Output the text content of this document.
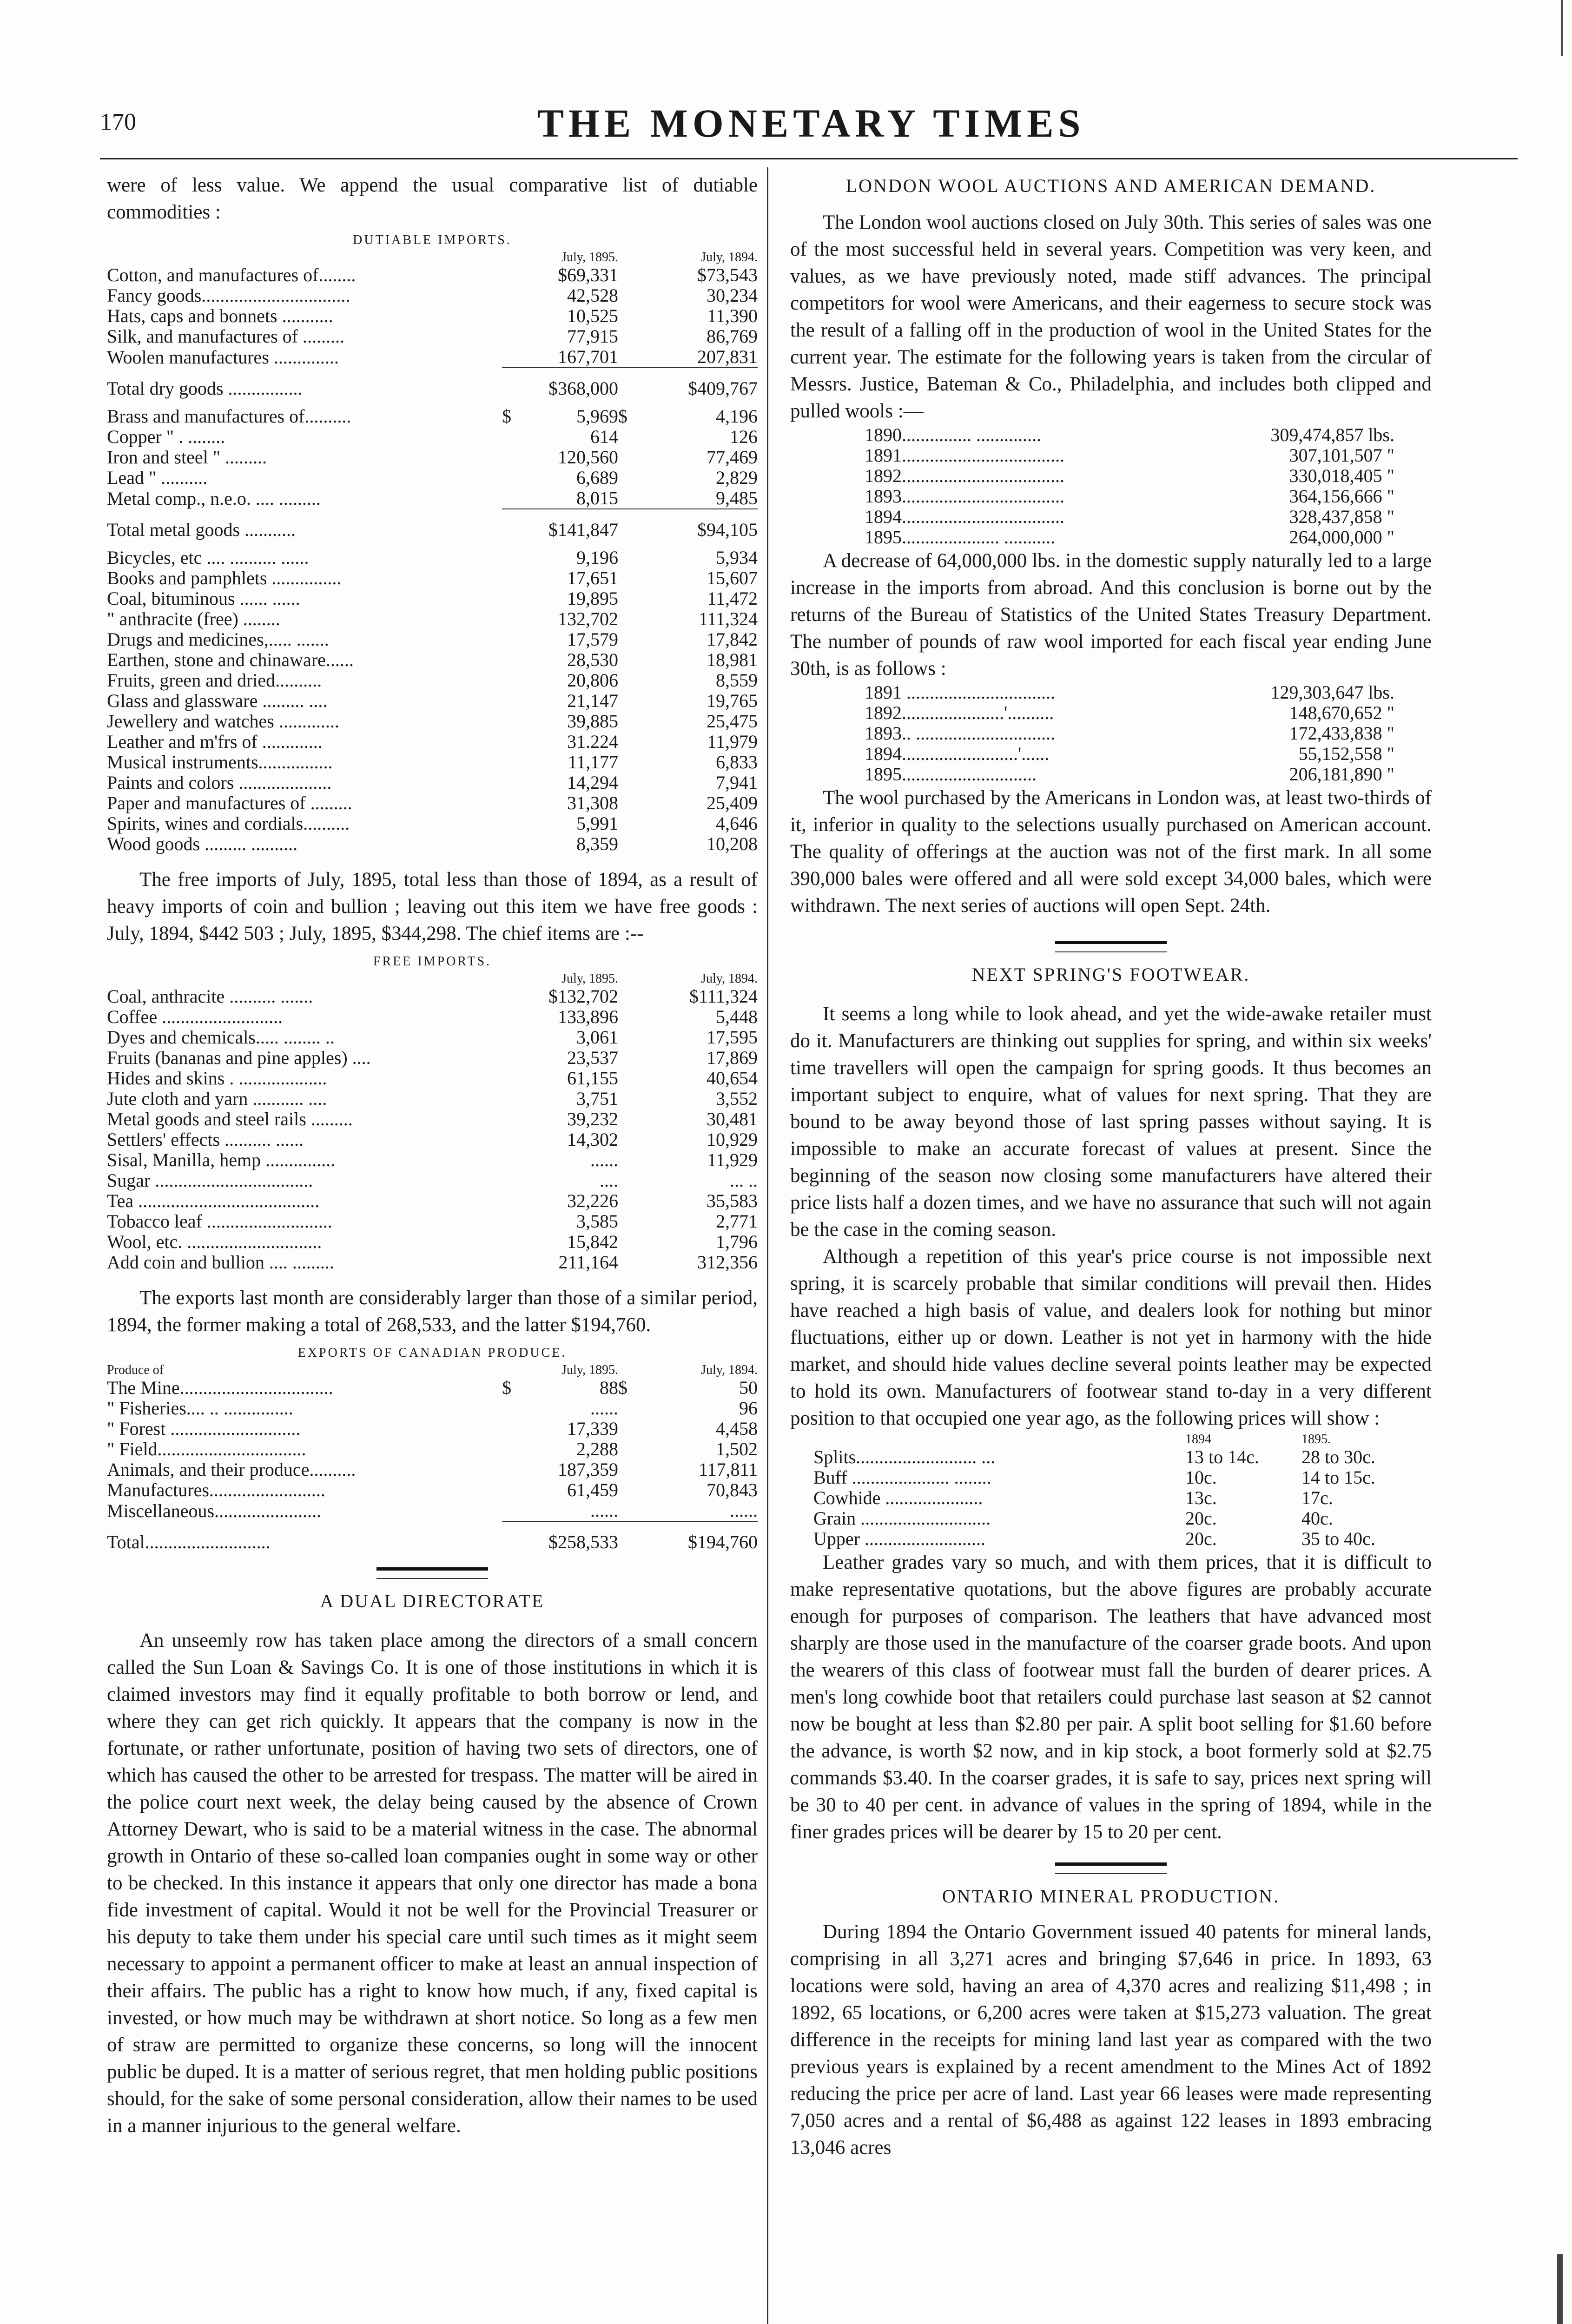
170	THE MONETARY TIMES

were of less value. We append the usual comparative list of dutiable commodities :

DUTIABLE IMPORTS.
		July, 1895.		July, 1894.
Cotton, and manufactures of........		$69,331		$73,543
Fancy goods................................		42,528		30,234
Hats, caps and bonnets ...........		10,525		11,390
Silk, and manufactures of .........		77,915		86,769
Woolen manufactures ..............		167,701		207,831
Total dry goods ................		$368,000		$409,767
Brass and manufactures of..........	$	5,969	$	4,196
Copper " . ........		614		126
Iron and steel " .........		120,560		77,469
Lead " ..........		6,689		2,829
Metal comp., n.e.o. .... .........		8,015		9,485
Total metal goods ...........		$141,847		$94,105
Bicycles, etc .... .......... ......		9,196		5,934
Books and pamphlets ...............		17,651		15,607
Coal, bituminous ...... ......		19,895		11,472
" anthracite (free) ........		132,702		111,324
Drugs and medicines,..... .......		17,579		17,842
Earthen, stone and chinaware......		28,530		18,981
Fruits, green and dried..........		20,806		8,559
Glass and glassware ......... ....		21,147		19,765
Jewellery and watches .............		39,885		25,475
Leather and m'frs of .............		31.224		11,979
Musical instruments................		11,177		6,833
Paints and colors ....................		14,294		7,941
Paper and manufactures of .........		31,308		25,409
Spirits, wines and cordials..........		5,991		4,646
Wood goods ......... ..........		8,359		10,208

The free imports of July, 1895, total less than those of 1894, as a result of heavy imports of coin and bullion ; leaving out this item we have free goods : July, 1894, $442 503 ; July, 1895, $344,298. The chief items are :--

FREE IMPORTS.
		July, 1895.		July, 1894.
Coal, anthracite .......... .......		$132,702		$111,324
Coffee ..........................		133,896		5,448
Dyes and chemicals..... ........ ..		3,061		17,595
Fruits (bananas and pine apples) ....		23,537		17,869
Hides and skins . ...................		61,155		40,654
Jute cloth and yarn ........... ....		3,751		3,552
Metal goods and steel rails .........		39,232		30,481
Settlers' effects .......... ......		14,302		10,929
Sisal, Manilla, hemp ...............		......		11,929
Sugar ..................................		....		... ..
Tea .......................................		32,226		35,583
Tobacco leaf ...........................		3,585		2,771
Wool, etc. .............................		15,842		1,796
Add coin and bullion .... .........		211,164		312,356

The exports last month are considerably larger than those of a similar period, 1894, the former making a total of 268,533, and the latter $194,760.

EXPORTS OF CANADIAN PRODUCE.
Produce of		July, 1895.		July, 1894.
The Mine.................................	$	88	$	50
" Fisheries.... .. ...............		......		96
" Forest ............................		17,339		4,458
" Field................................		2,288		1,502
Animals, and their produce..........		187,359		117,811
Manufactures.........................		61,459		70,843
Miscellaneous.......................		......		......
Total...........................		$258,533		$194,760
A DUAL DIRECTORATE

An unseemly row has taken place among the directors of a small concern called the Sun Loan & Savings Co. It is one of those institutions in which it is claimed investors may find it equally profitable to both borrow or lend, and where they can get rich quickly. It appears that the company is now in the fortunate, or rather unfortunate, position of having two sets of directors, one of which has caused the other to be arrested for trespass. The matter will be aired in the police court next week, the delay being caused by the absence of Crown Attorney Dewart, who is said to be a material witness in the case. The abnormal growth in Ontario of these so-called loan companies ought in some way or other to be checked. In this instance it appears that only one director has made a bona fide investment of capital. Would it not be well for the Provincial Treasurer or his deputy to take them under his special care until such times as it might seem necessary to appoint a permanent officer to make at least an annual inspection of their affairs. The public has a right to know how much, if any, fixed capital is invested, or how much may be withdrawn at short notice. So long as a few men of straw are permitted to organize these concerns, so long will the innocent public be duped. It is a matter of serious regret, that men holding public positions should, for the sake of some personal consideration, allow their names to be used in a manner injurious to the general welfare.

LONDON WOOL AUCTIONS AND AMERICAN DEMAND.

The London wool auctions closed on July 30th. This series of sales was one of the most successful held in several years. Competition was very keen, and values, as we have previously noted, made stiff advances. The principal competitors for wool were Americans, and their eagerness to secure stock was the result of a falling off in the production of wool in the United States for the current year. The estimate for the following years is taken from the circular of Messrs. Justice, Bateman & Co., Philadelphia, and includes both clipped and pulled wools :—

1890............... ..............	309,474,857 lbs.
1891...................................	307,101,507 "
1892...................................	330,018,405 "
1893...................................	364,156,666 "
1894...................................	328,437,858 "
1895..................... ...........	264,000,000 "

A decrease of 64,000,000 lbs. in the domestic supply naturally led to a large increase in the imports from abroad. And this conclusion is borne out by the returns of the Bureau of Statistics of the United States Treasury Department. The number of pounds of raw wool imported for each fiscal year ending June 30th, is as follows :

1891 ................................	129,303,647 lbs.
1892......................'..........	148,670,652 "
1893.. ..............................	172,433,838 "
1894.........................'......	55,152,558 "
1895.............................	206,181,890 "

The wool purchased by the Americans in London was, at least two-thirds of it, inferior in quality to the selections usually purchased on American account. The quality of offerings at the auction was not of the first mark. In all some 390,000 bales were offered and all were sold except 34,000 bales, which were withdrawn. The next series of auctions will open Sept. 24th.

NEXT SPRING'S FOOTWEAR.

It seems a long while to look ahead, and yet the wide-awake retailer must do it. Manufacturers are thinking out supplies for spring, and within six weeks' time travellers will open the campaign for spring goods. It thus becomes an important subject to enquire, what of values for next spring. That they are bound to be away beyond those of last spring passes without saying. It is impossible to make an accurate forecast of values at present. Since the beginning of the season now closing some manufacturers have altered their price lists half a dozen times, and we have no assurance that such will not again be the case in the coming season.

Although a repetition of this year's price course is not impossible next spring, it is scarcely probable that similar conditions will prevail then. Hides have reached a high basis of value, and dealers look for nothing but minor fluctuations, either up or down. Leather is not yet in harmony with the hide market, and should hide values decline several points leather may be expected to hold its own. Manufacturers of footwear stand to-day in a very different position to that occupied one year ago, as the following prices will show :

	1894	1895.
Splits.......................... ...	13 to 14c.	28 to 30c.
Buff ..................... ........	10c.	14 to 15c.
Cowhide .....................	13c.	17c.
Grain ............................	20c.	40c.
Upper ..........................	20c.	35 to 40c.

Leather grades vary so much, and with them prices, that it is difficult to make representative quotations, but the above figures are probably accurate enough for purposes of comparison. The leathers that have advanced most sharply are those used in the manufacture of the coarser grade boots. And upon the wearers of this class of footwear must fall the burden of dearer prices. A men's long cowhide boot that retailers could purchase last season at $2 cannot now be bought at less than $2.80 per pair. A split boot selling for $1.60 before the advance, is worth $2 now, and in kip stock, a boot formerly sold at $2.75 commands $3.40. In the coarser grades, it is safe to say, prices next spring will be 30 to 40 per cent. in advance of values in the spring of 1894, while in the finer grades prices will be dearer by 15 to 20 per cent.

ONTARIO MINERAL PRODUCTION.

During 1894 the Ontario Government issued 40 patents for mineral lands, comprising in all 3,271 acres and bringing $7,646 in price. In 1893, 63 locations were sold, having an area of 4,370 acres and realizing $11,498 ; in 1892, 65 locations, or 6,200 acres were taken at $15,273 valuation. The great difference in the receipts for mining land last year as compared with the two previous years is explained by a recent amendment to the Mines Act of 1892 reducing the price per acre of land. Last year 66 leases were made representing 7,050 acres and a rental of $6,488 as against 122 leases in 1893 embracing 13,046 acres
